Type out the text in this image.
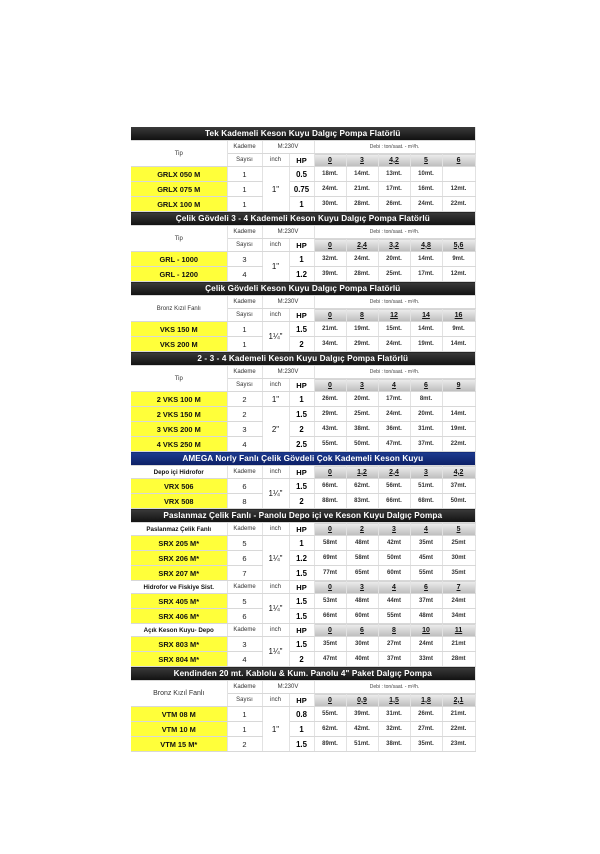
Tek Kademeli Keson Kuyu Dalgıç Pompa Flatörlü								
Tip	Kademe	M:230V		Debi : ton/saat. - m³/h.				
	Sayısı	inch	HP	0	3	4,2	5	6
GRLX 050 M	1	1"	0.5	18mt.	14mt.	13mt.	10mt.	
GRLX 075 M	1		0.75	24mt.	21mt.	17mt.	16mt.	12mt.
GRLX 100 M	1		1	30mt.	28mt.	26mt.	24mt.	22mt.
Çelik Gövdeli 3 - 4 Kademeli Keson Kuyu Dalgıç Pompa Flatörlü								
Tip	Kademe	M:230V		Debi : ton/saat. - m³/h.				
	Sayısı	inch	HP	0	2,4	3,2	4,8	5,6
GRL - 1000	3	1"	1	32mt.	24mt.	20mt.	14mt.	9mt.
GRL - 1200	4		1.2	39mt.	28mt.	25mt.	17mt.	12mt.
Çelik Gövdeli Keson Kuyu Dalgıç Pompa Flatörlü								
Bronz Kızıl Fanlı	Kademe	M:230V		Debi : ton/saat. - m³/h.				
	Sayısı	inch	HP	0	8	12	14	16
VKS 150 M	1	1¼"	1.5	21mt.	19mt.	15mt.	14mt.	9mt.
VKS 200 M	1		2	34mt.	29mt.	24mt.	19mt.	14mt.
2 - 3 - 4 Kademeli Keson Kuyu Dalgıç Pompa Flatörlü								
Tip	Kademe	M:230V		Debi : ton/saat. - m³/h.				
	Sayısı	inch	HP	0	3	4	6	9
2 VKS 100 M	2	1"	1	26mt.	20mt.	17mt.	8mt.	
2 VKS 150 M	2	2"	1.5	29mt.	25mt.	24mt.	20mt.	14mt.
3 VKS 200 M	3		2	43mt.	38mt.	36mt.	31mt.	19mt.
4 VKS 250 M	4		2.5	55mt.	50mt.	47mt.	37mt.	22mt.
AMEGA Norly Fanlı Çelik Gövdeli Çok Kademeli Keson Kuyu								
Depo içi Hidrofor	Kademe	inch	HP	0	1,2	2,4	3	4,2
VRX 506	6	1¼"	1.5	66mt.	62mt.	56mt.	51mt.	37mt.
VRX 508	8		2	88mt.	83mt.	66mt.	68mt.	50mt.
Paslanmaz Çelik Fanlı - Panolu Depo içi ve Keson Kuyu Dalgıç Pompa								
Paslanmaz Çelik Fanlı	Kademe	inch	HP	0	2	3	4	5
SRX 205 M*	5	1¼"	1	58mt	48mt	42mt	35mt	25mt
SRX 206 M*	6		1.2	69mt	58mt	50mt	45mt	30mt
SRX 207 M*	7		1.5	77mt	65mt	60mt	55mt	35mt
Hidrofor ve Fiskiye Sist.	Kademe	inch	HP	0	3	4	6	7
SRX 405 M*	5	1¼"	1.5	53mt	48mt	44mt	37mt	24mt
SRX 406 M*	6		1.5	66mt	60mt	55mt	48mt	34mt
Açık Keson Kuyu- Depo	Kademe	inch	HP	0	6	8	10	11
SRX 803 M*	3	1¼"	1.5	35mt	30mt	27mt	24mt	21mt
SRX 804 M*	4		2	47mt	40mt	37mt	33mt	28mt
Kendinden 20 mt. Kablolu & Kum. Panolu 4" Paket Dalgıç Pompa								
Bronz Kızıl Fanlı	Kademe	M:230V		Debi : ton/saat. - m³/h.				
	Sayısı	inch	HP	0	0,9	1,5	1,8	2,1
VTM 08 M	1	1"	0.8	55mt.	39mt.	31mt.	26mt.	21mt.
VTM 10 M	1		1	62mt.	42mt.	32mt.	27mt.	22mt.
VTM 15 M*	2		1.5	89mt.	51mt.	38mt.	35mt.	23mt.
